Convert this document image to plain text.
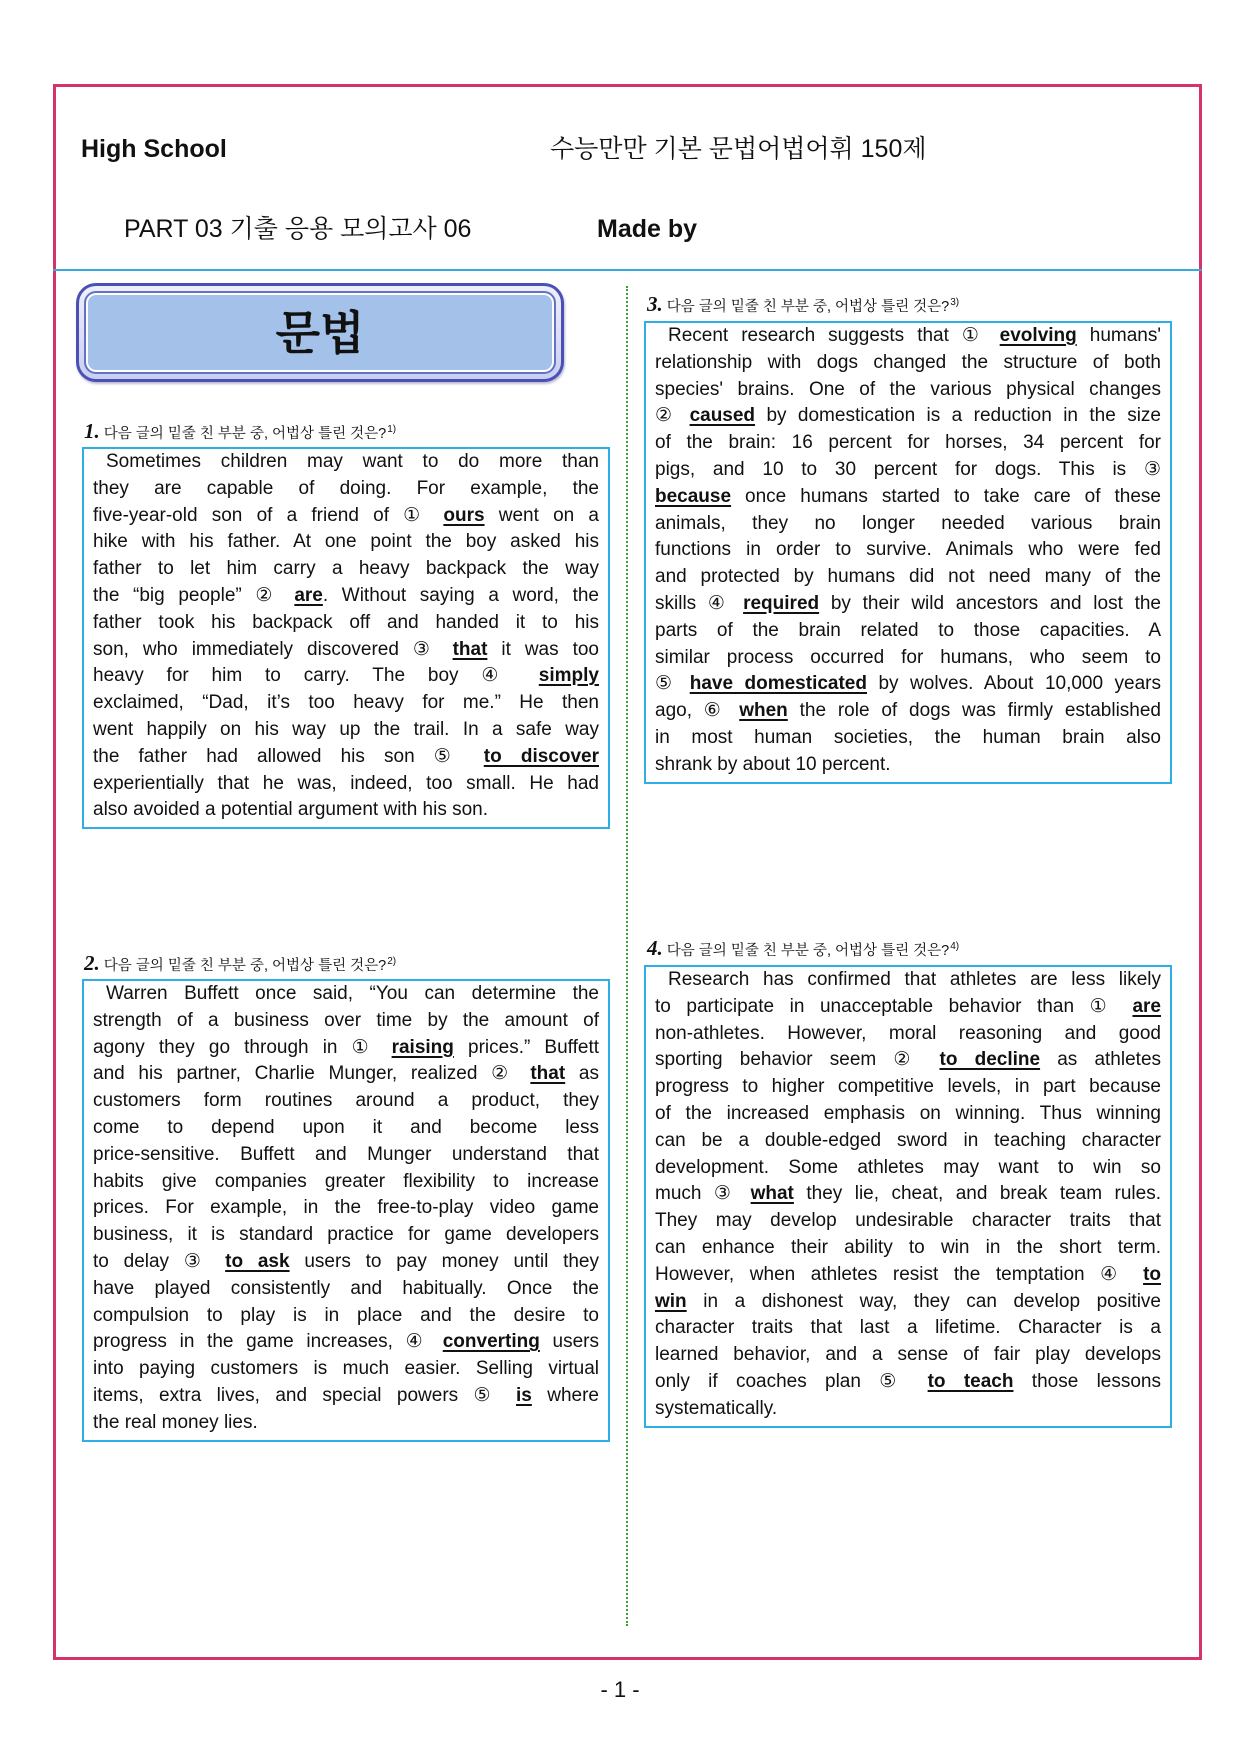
High School	수능만만 기본 문법어법어휘 150제
PART 03 기출 응용 모의고사 06	Made by
문법
1. 다음 글의 밑줄 친 부분 중, 어법상 틀린 것은?$^{1)}$
Sometimes children may want to do more than
they are capable of doing. For example, the
five-year-old son of a friend of ① ours went on a
hike with his father. At one point the boy asked his
father to let him carry a heavy backpack the way
the “big people” ② are. Without saying a word, the
father took his backpack off and handed it to his
son, who immediately discovered ③ that it was too
heavy for him to carry. The boy ④ simply
exclaimed, “Dad, it’s too heavy for me.” He then
went happily on his way up the trail. In a safe way
the father had allowed his son ⑤ to discover
experientially that he was, indeed, too small. He had
also avoided a potential argument with his son.
2. 다음 글의 밑줄 친 부분 중, 어법상 틀린 것은?$^{2)}$
Warren Buffett once said, “You can determine the
strength of a business over time by the amount of
agony they go through in ① raising prices.” Buffett
and his partner, Charlie Munger, realized ② that as
customers form routines around a product, they
come to depend upon it and become less
price-sensitive. Buffett and Munger understand that
habits give companies greater flexibility to increase
prices. For example, in the free-to-play video game
business, it is standard practice for game developers
to delay ③ to ask users to pay money until they
have played consistently and habitually. Once the
compulsion to play is in place and the desire to
progress in the game increases, ④ converting users
into paying customers is much easier. Selling virtual
items, extra lives, and special powers ⑤ is where
the real money lies.
3. 다음 글의 밑줄 친 부분 중, 어법상 틀린 것은?$^{3)}$
Recent research suggests that ① evolving humans'
relationship with dogs changed the structure of both
species' brains. One of the various physical changes
② caused by domestication is a reduction in the size
of the brain: 16 percent for horses, 34 percent for
pigs, and 10 to 30 percent for dogs. This is ③
because once humans started to take care of these
animals, they no longer needed various brain
functions in order to survive. Animals who were fed
and protected by humans did not need many of the
skills ④ required by their wild ancestors and lost the
parts of the brain related to those capacities. A
similar process occurred for humans, who seem to
⑤ have domesticated by wolves. About 10,000 years
ago, ⑥ when the role of dogs was firmly established
in most human societies, the human brain also
shrank by about 10 percent.
4. 다음 글의 밑줄 친 부분 중, 어법상 틀린 것은?$^{4)}$
Research has confirmed that athletes are less likely
to participate in unacceptable behavior than ① are
non-athletes. However, moral reasoning and good
sporting behavior seem ② to decline as athletes
progress to higher competitive levels, in part because
of the increased emphasis on winning. Thus winning
can be a double-edged sword in teaching character
development. Some athletes may want to win so
much ③ what they lie, cheat, and break team rules.
They may develop undesirable character traits that
can enhance their ability to win in the short term.
However, when athletes resist the temptation ④ to
win in a dishonest way, they can develop positive
character traits that last a lifetime. Character is a
learned behavior, and a sense of fair play develops
only if coaches plan ⑤ to teach those lessons
systematically.
- 1 -
